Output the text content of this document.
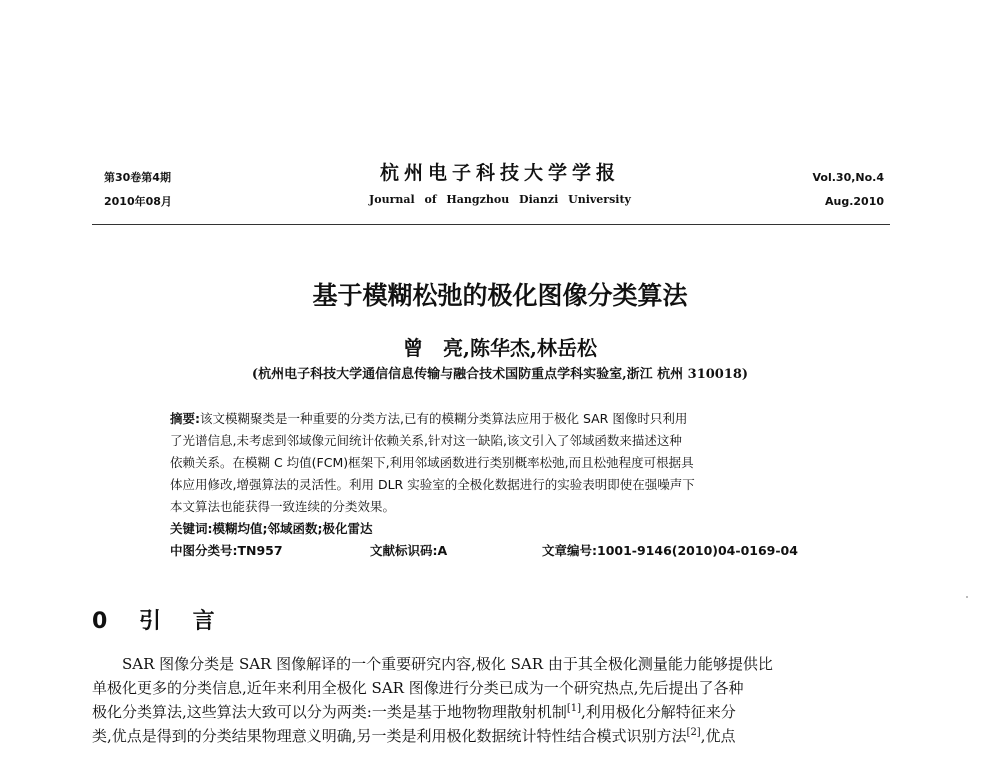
第30卷第4期
2010年08月
杭州电子科技大学学报
Journal of Hangzhou Dianzi University
Vol.30,No.4
Aug.2010
基于模糊松弛的极化图像分类算法
曾　亮,陈华杰,林岳松
(杭州电子科技大学通信信息传输与融合技术国防重点学科实验室,浙江 杭州 310018)
摘要:该文模糊聚类是一种重要的分类方法,已有的模糊分类算法应用于极化 SAR 图像时只利用
了光谱信息,未考虑到邻域像元间统计依赖关系,针对这一缺陷,该文引入了邻域函数来描述这种
依赖关系。在模糊 C 均值(FCM)框架下,利用邻域函数进行类别概率松弛,而且松弛程度可根据具
体应用修改,增强算法的灵活性。利用 DLR 实验室的全极化数据进行的实验表明即使在强噪声下
本文算法也能获得一致连续的分类效果。
关键词:模糊均值;邻域函数;极化雷达
中图分类号:TN957	文献标识码:A	文章编号:1001-9146(2010)04-0169-04
0 引 言
SAR 图像分类是 SAR 图像解译的一个重要研究内容,极化 SAR 由于其全极化测量能力能够提供比
单极化更多的分类信息,近年来利用全极化 SAR 图像进行分类已成为一个研究热点,先后提出了各种
极化分类算法,这些算法大致可以分为两类:一类是基于地物物理散射机制[1],利用极化分解特征来分
类,优点是得到的分类结果物理意义明确,另一类是利用极化数据统计特性结合模式识别方法[2],优点
